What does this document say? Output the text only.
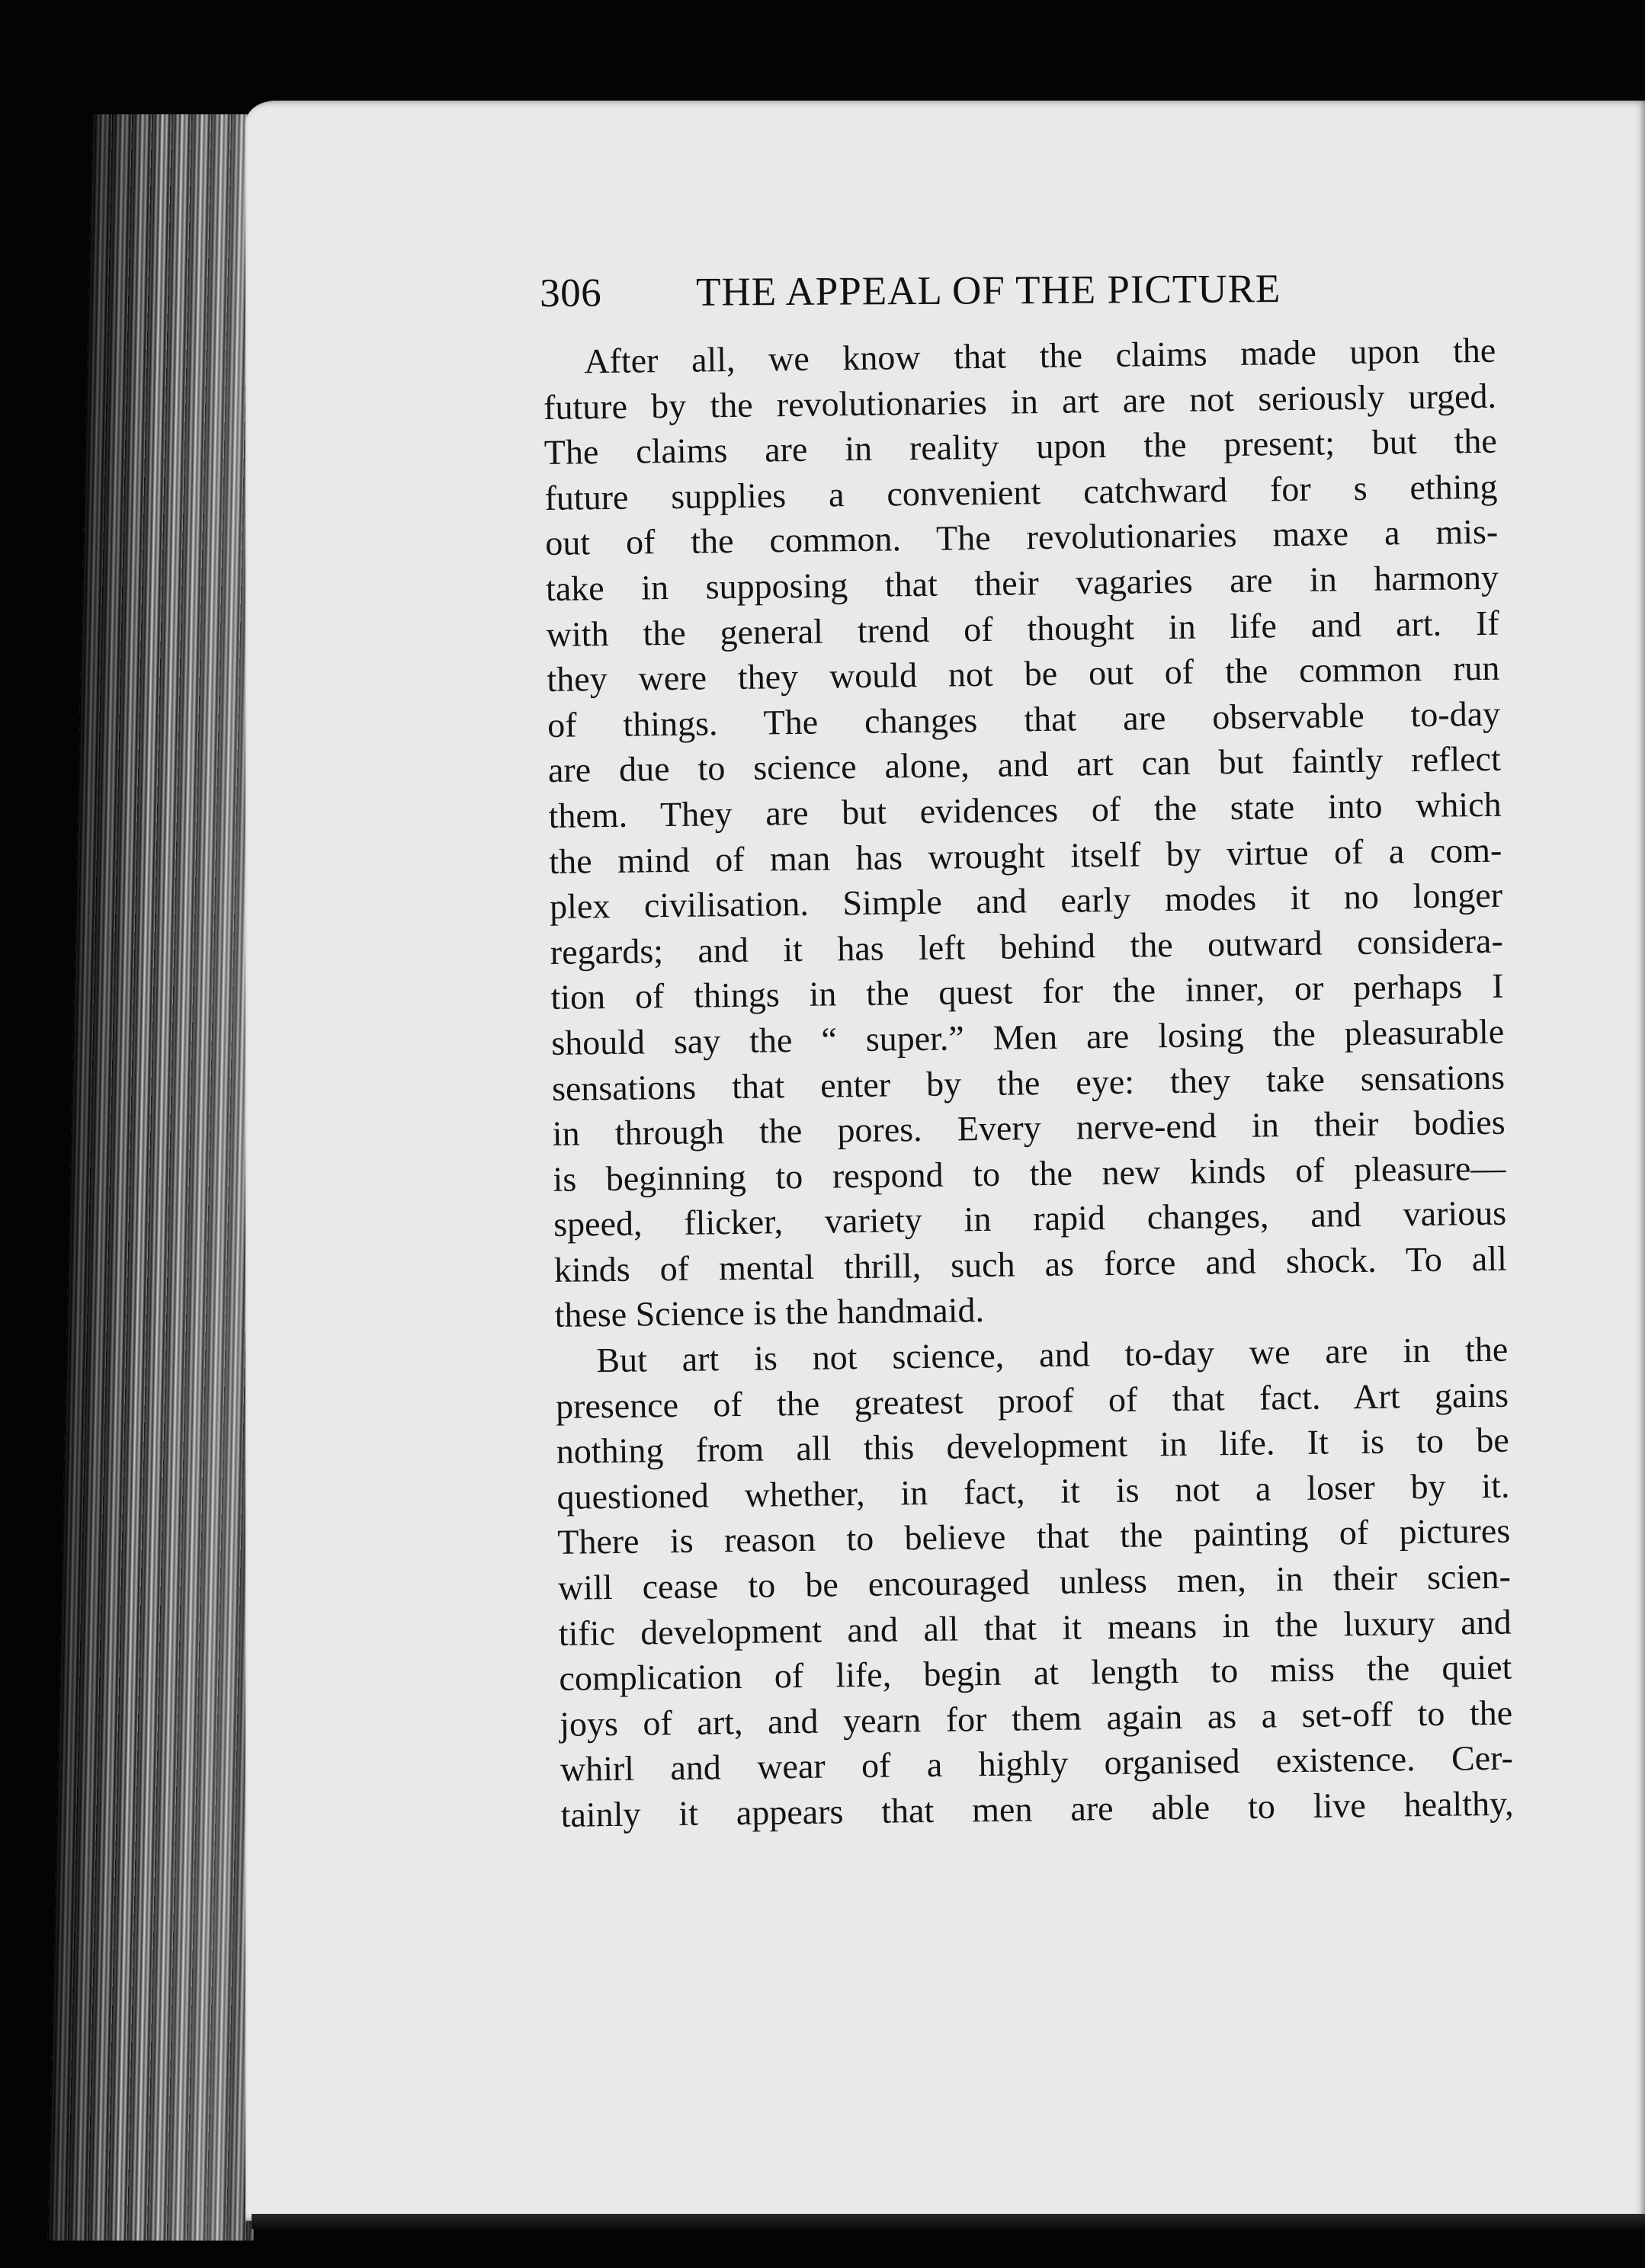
306 THE APPEAL OF THE PICTURE
After all, we know that the claims made upon the
future by the revolutionaries in art are not seriously urged.
The claims are in reality upon the present; but the
future supplies a convenient catchward for s ething
out of the common. The revolutionaries maxe a mis-
take in supposing that their vagaries are in harmony
with the general trend of thought in life and art. If
they were they would not be out of the common run
of things. The changes that are observable to-day
are due to science alone, and art can but faintly reflect
them. They are but evidences of the state into which
the mind of man has wrought itself by virtue of a com-
plex civilisation. Simple and early modes it no longer
regards; and it has left behind the outward considera-
tion of things in the quest for the inner, or perhaps I
should say the “ super.” Men are losing the pleasurable
sensations that enter by the eye: they take sensations
in through the pores. Every nerve-end in their bodies
is beginning to respond to the new kinds of pleasure—
speed, flicker, variety in rapid changes, and various
kinds of mental thrill, such as force and shock. To all
these Science is the handmaid.
But art is not science, and to-day we are in the
presence of the greatest proof of that fact. Art gains
nothing from all this development in life. It is to be
questioned whether, in fact, it is not a loser by it.
There is reason to believe that the painting of pictures
will cease to be encouraged unless men, in their scien-
tific development and all that it means in the luxury and
complication of life, begin at length to miss the quiet
joys of art, and yearn for them again as a set-off to the
whirl and wear of a highly organised existence. Cer-
tainly it appears that men are able to live healthy,
